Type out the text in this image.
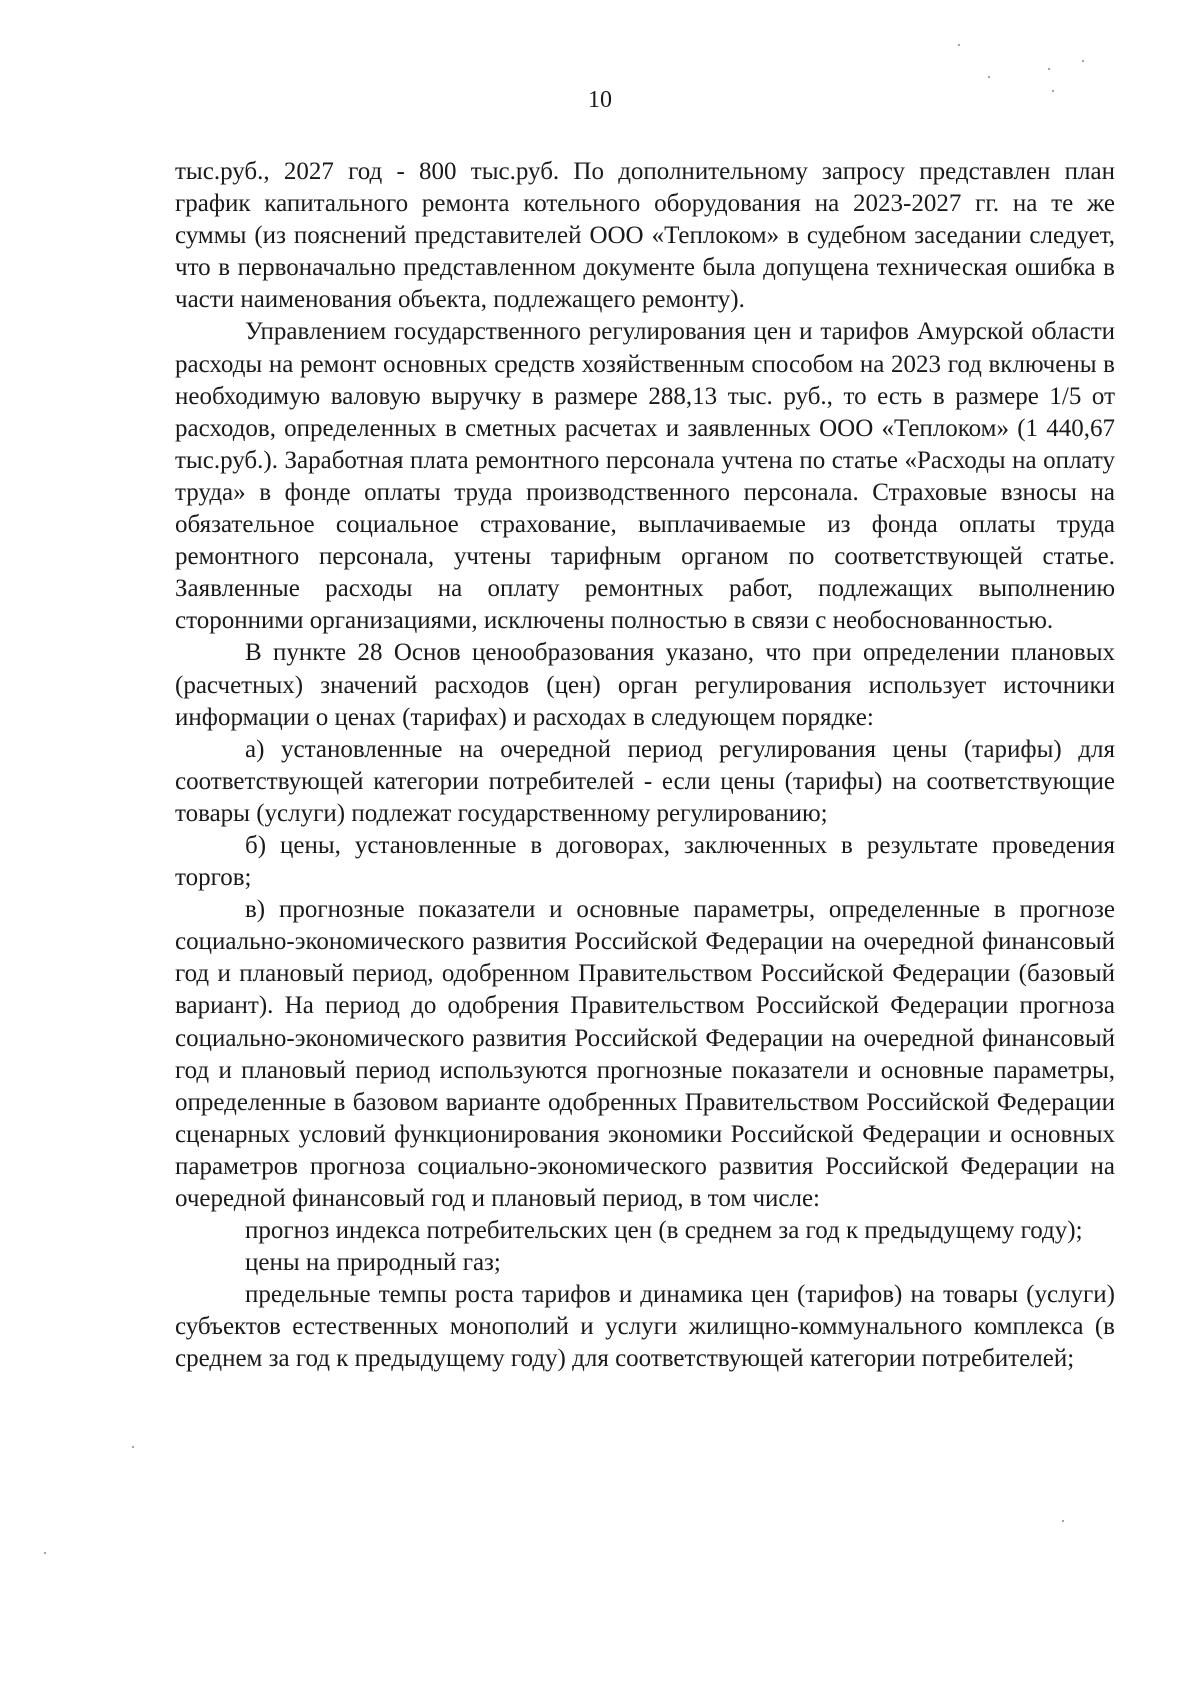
10

тыс.руб., 2027 год - 800 тыс.руб. По дополнительному запросу представлен план график капитального ремонта котельного оборудования на 2023-2027 гг. на те же суммы (из пояснений представителей ООО «Теплоком» в судебном заседании следует, что в первоначально представленном документе была допущена техническая ошибка в части наименования объекта, подлежащего ремонту).

Управлением государственного регулирования цен и тарифов Амурской области расходы на ремонт основных средств хозяйственным способом на 2023 год включены в необходимую валовую выручку в размере 288,13 тыс. руб., то есть в размере 1/5 от расходов, определенных в сметных расчетах и заявленных ООО «Теплоком» (1 440,67 тыс.руб.). Заработная плата ремонтного персонала учтена по статье «Расходы на оплату труда» в фонде оплаты труда производственного персонала. Страховые взносы на обязательное социальное страхование, выплачиваемые из фонда оплаты труда ремонтного персонала, учтены тарифным органом по соответствующей статье. Заявленные расходы на оплату ремонтных работ, подлежащих выполнению сторонними организациями, исключены полностью в связи с необоснованностью.

В пункте 28 Основ ценообразования указано, что при определении плановых (расчетных) значений расходов (цен) орган регулирования использует источники информации о ценах (тарифах) и расходах в следующем порядке:

а) установленные на очередной период регулирования цены (тарифы) для соответствующей категории потребителей - если цены (тарифы) на соответствующие товары (услуги) подлежат государственному регулированию;

б) цены, установленные в договорах, заключенных в результате проведения торгов;

в) прогнозные показатели и основные параметры, определенные в прогнозе социально-экономического развития Российской Федерации на очередной финансовый год и плановый период, одобренном Правительством Российской Федерации (базовый вариант). На период до одобрения Правительством Российской Федерации прогноза социально-экономического развития Российской Федерации на очередной финансовый год и плановый период используются прогнозные показатели и основные параметры, определенные в базовом варианте одобренных Правительством Российской Федерации сценарных условий функционирования экономики Российской Федерации и основных параметров прогноза социально-экономического развития Российской Федерации на очередной финансовый год и плановый период, в том числе:

прогноз индекса потребительских цен (в среднем за год к предыдущему году);

цены на природный газ;

предельные темпы роста тарифов и динамика цен (тарифов) на товары (услуги) субъектов естественных монополий и услуги жилищно-коммунального комплекса (в среднем за год к предыдущему году) для соответствующей категории потребителей;
